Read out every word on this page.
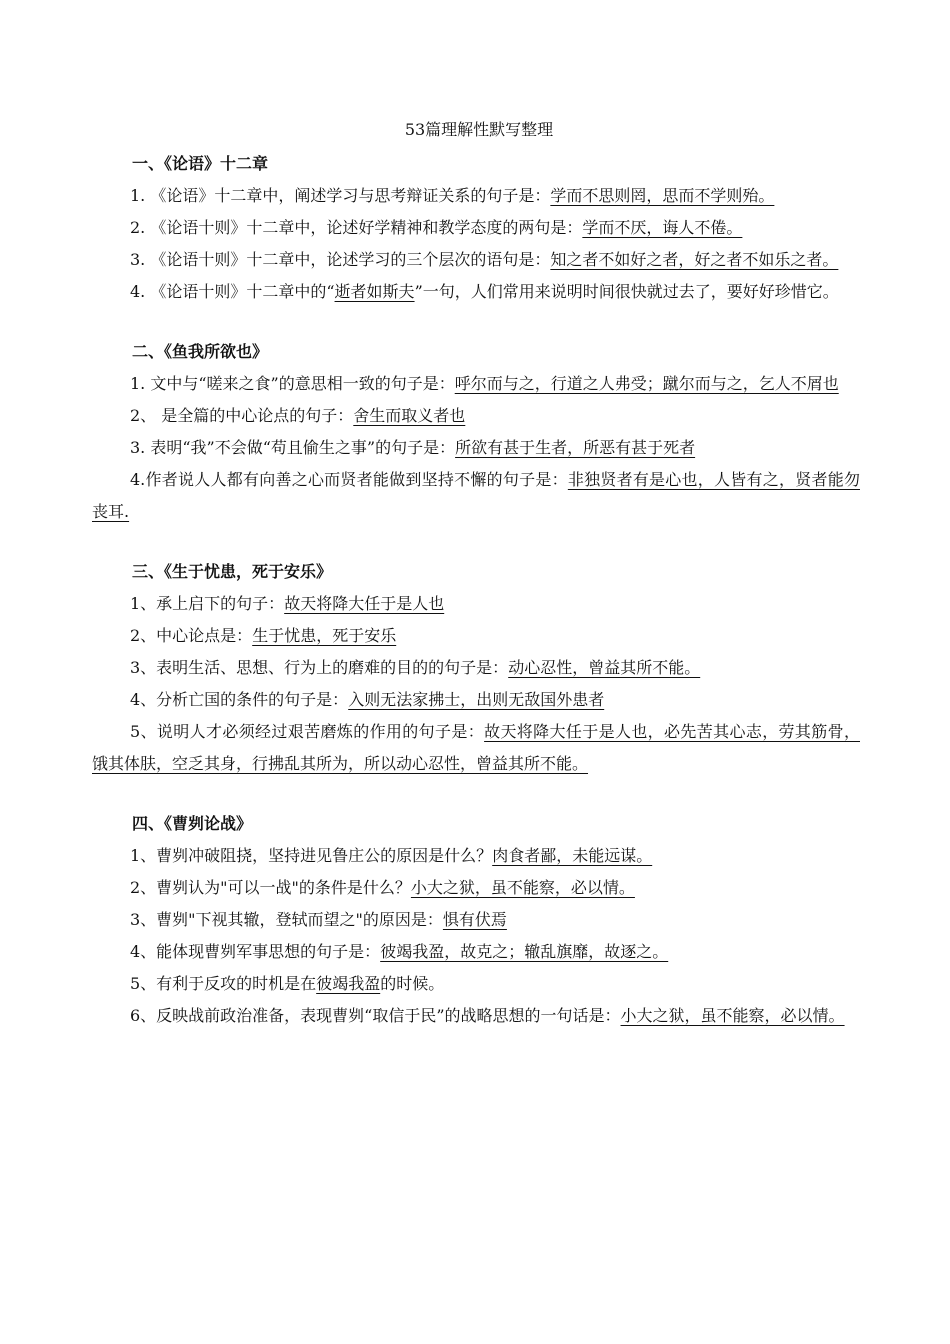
53篇理解性默写整理

一、《论语》十二章

1. 《论语》十二章中，阐述学习与思考辩证关系的句子是：学而不思则罔，思而不学则殆。

2. 《论语十则》十二章中，论述好学精神和教学态度的两句是：学而不厌，诲人不倦。

3. 《论语十则》十二章中，论述学习的三个层次的语句是：知之者不如好之者，好之者不如乐之者。

4. 《论语十则》十二章中的“逝者如斯夫”一句，人们常用来说明时间很快就过去了，要好好珍惜它。

二、《鱼我所欲也》

1. 文中与“嗟来之食”的意思相一致的句子是：呼尔而与之，行道之人弗受；蹴尔而与之，乞人不屑也

2、 是全篇的中心论点的句子：舍生而取义者也

3. 表明“我”不会做“苟且偷生之事”的句子是：所欲有甚于生者，所恶有甚于死者

4.作者说人人都有向善之心而贤者能做到坚持不懈的句子是：非独贤者有是心也，人皆有之，贤者能勿丧耳.

三、《生于忧患，死于安乐》

1、承上启下的句子：故天将降大任于是人也

2、中心论点是：生于忧患，死于安乐

3、表明生活、思想、行为上的磨难的目的的句子是：动心忍性，曾益其所不能。

4、分析亡国的条件的句子是：入则无法家拂士，出则无敌国外患者

5、说明人才必须经过艰苦磨炼的作用的句子是：故天将降大任于是人也，必先苦其心志，劳其筋骨，饿其体肤，空乏其身，行拂乱其所为，所以动心忍性，曾益其所不能。

四、《曹刿论战》

1、曹刿冲破阻挠，坚持进见鲁庄公的原因是什么？肉食者鄙，未能远谋。

2、曹刿认为"可以一战"的条件是什么？小大之狱，虽不能察，必以情。

3、曹刿"下视其辙，登轼而望之"的原因是：惧有伏焉

4、能体现曹刿军事思想的句子是：彼竭我盈，故克之；辙乱旗靡，故逐之。

5、有利于反攻的时机是在彼竭我盈的时候。

6、反映战前政治准备，表现曹刿“取信于民”的战略思想的一句话是：小大之狱，虽不能察，必以情。
